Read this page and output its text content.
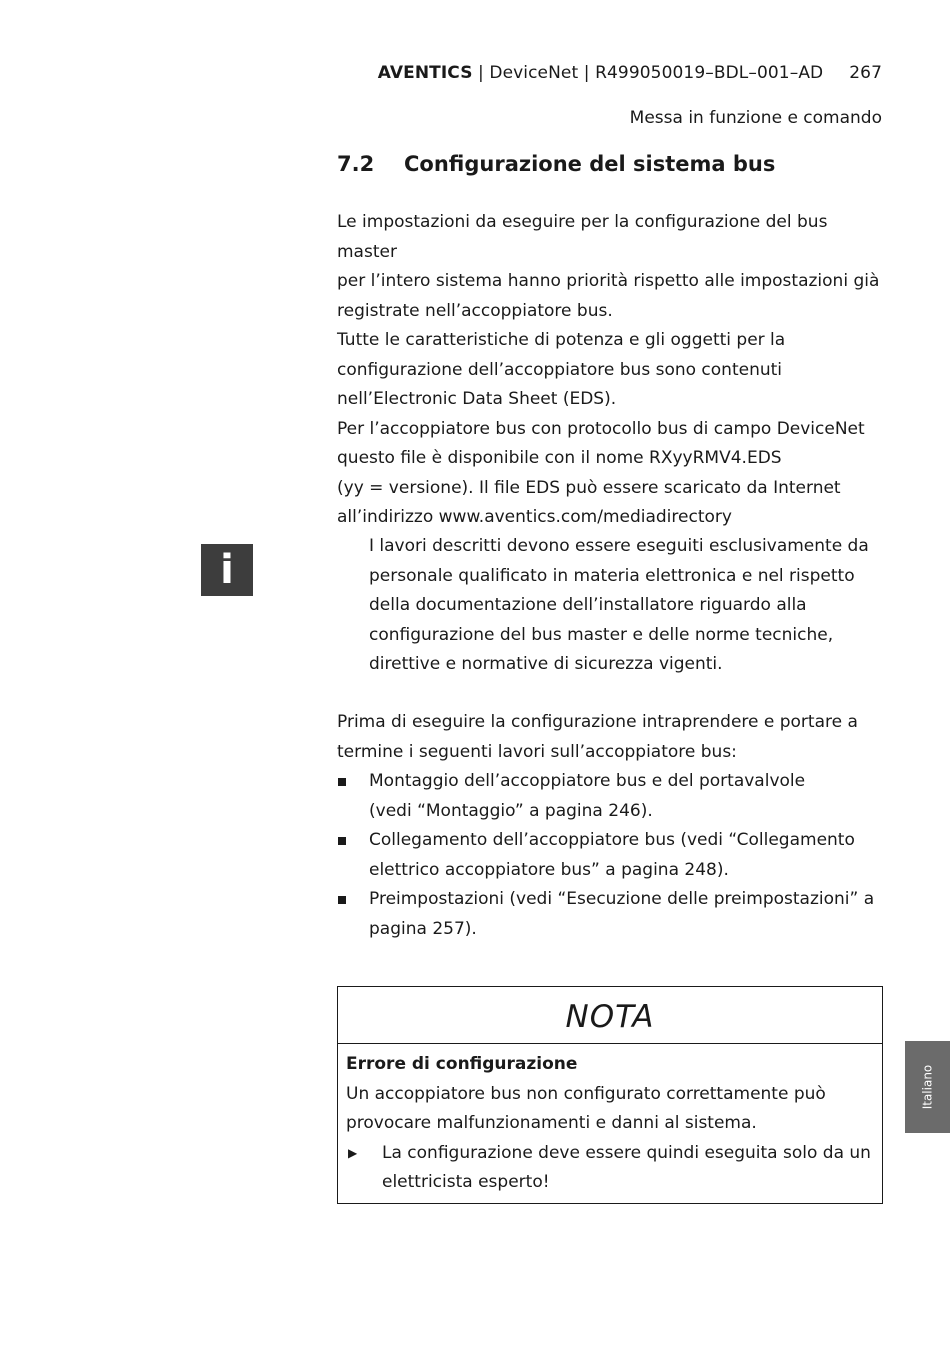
AVENTICS | DeviceNet | R499050019–BDL–001–AD 267
Messa in funzione e comando
7.2 Configurazione del sistema bus

Le impostazioni da eseguire per la configurazione del bus master

per l’intero sistema hanno priorità rispetto alle impostazioni già

registrate nell’accoppiatore bus.

Tutte le caratteristiche di potenza e gli oggetti per la

configurazione dell’accoppiatore bus sono contenuti

nell’Electronic Data Sheet (EDS).

Per l’accoppiatore bus con protocollo bus di campo DeviceNet

questo file è disponibile con il nome RXyyRMV4.EDS

(yy = versione). Il file EDS può essere scaricato da Internet

all’indirizzo www.aventics.com/mediadirectory

i

I lavori descritti devono essere eseguiti esclusivamente da personale qualificato in materia elettronica e nel rispetto della documentazione dell’installatore riguardo alla configurazione del bus master e delle norme tecniche, direttive e normative di sicurezza vigenti.

Prima di eseguire la configurazione intraprendere e portare a

termine i seguenti lavori sull’accoppiatore bus:

Montaggio dell’accoppiatore bus e del portavalvole
(vedi “Montaggio” a pagina 246).
Collegamento dell’accoppiatore bus (vedi “Collegamento
elettrico accoppiatore bus” a pagina 248).
Preimpostazioni (vedi “Esecuzione delle preimpostazioni” a
pagina 257).
NOTA

Errore di configurazione

Un accoppiatore bus non configurato correttamente può

provocare malfunzionamenti e danni al sistema.

▶ La configurazione deve essere quindi eseguita solo da un
elettricista esperto!
Italiano
